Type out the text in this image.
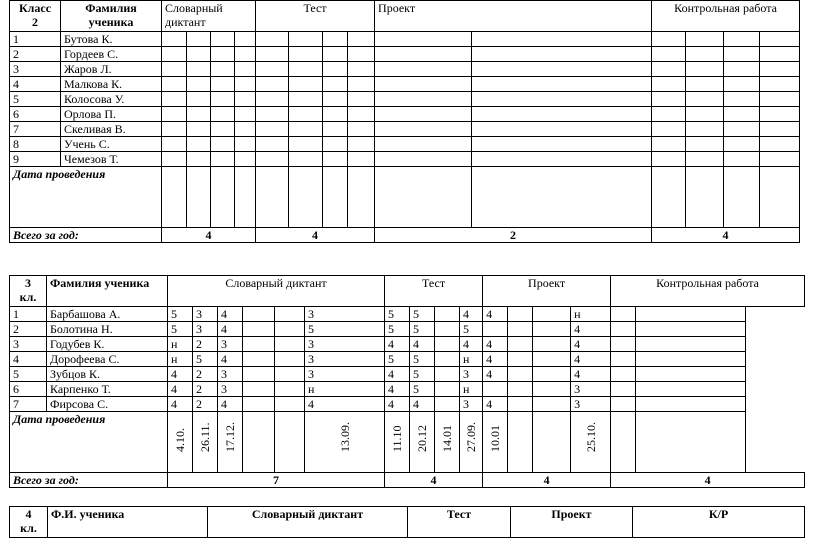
Класс
2	Фамилия ученика	Словарный диктант				Тест				Проект		Контрольная работа			
1	Бутова К.														
2	Гордеев С.														
3	Жаров Л.														
4	Малкова К.														
5	Колосова У.														
6	Орлова П.														
7	Скеливая В.														
8	Учень С.														
9	Чемезов Т.														
Дата проведения															
Всего за год:		4				4				2		4			
3
кл.	Фамилия ученика	Словарный диктант						Тест				Проект				Контрольная работа	
1	Барбашова А.	5	3	4			3	5	5		4	4			н		
2	Болотина Н.	5	3	4			5	5	5		5				4		
3	Годубев К.	н	2	3			3	4	4		4	4			4		
4	Дорофеева С.	н	5	4			3	5	5		н	4			4		
5	Зубцов К.	4	2	3			3	4	5		3	4			4		
6	Карпенко Т.	4	2	3			н	4	5		н				3		
7	Фирсова С.	4	2	4			4	4	4		3	4			3		
Дата проведения		4.10.	26.11.	17.12.			13.09.	11.10	20.12	14.01	27.09.	10.01			25.10.		

Всего за год:		7						4				4				4	
4
кл.	Ф.И. ученика	Словарный диктант	Тест	Проект	К/Р
